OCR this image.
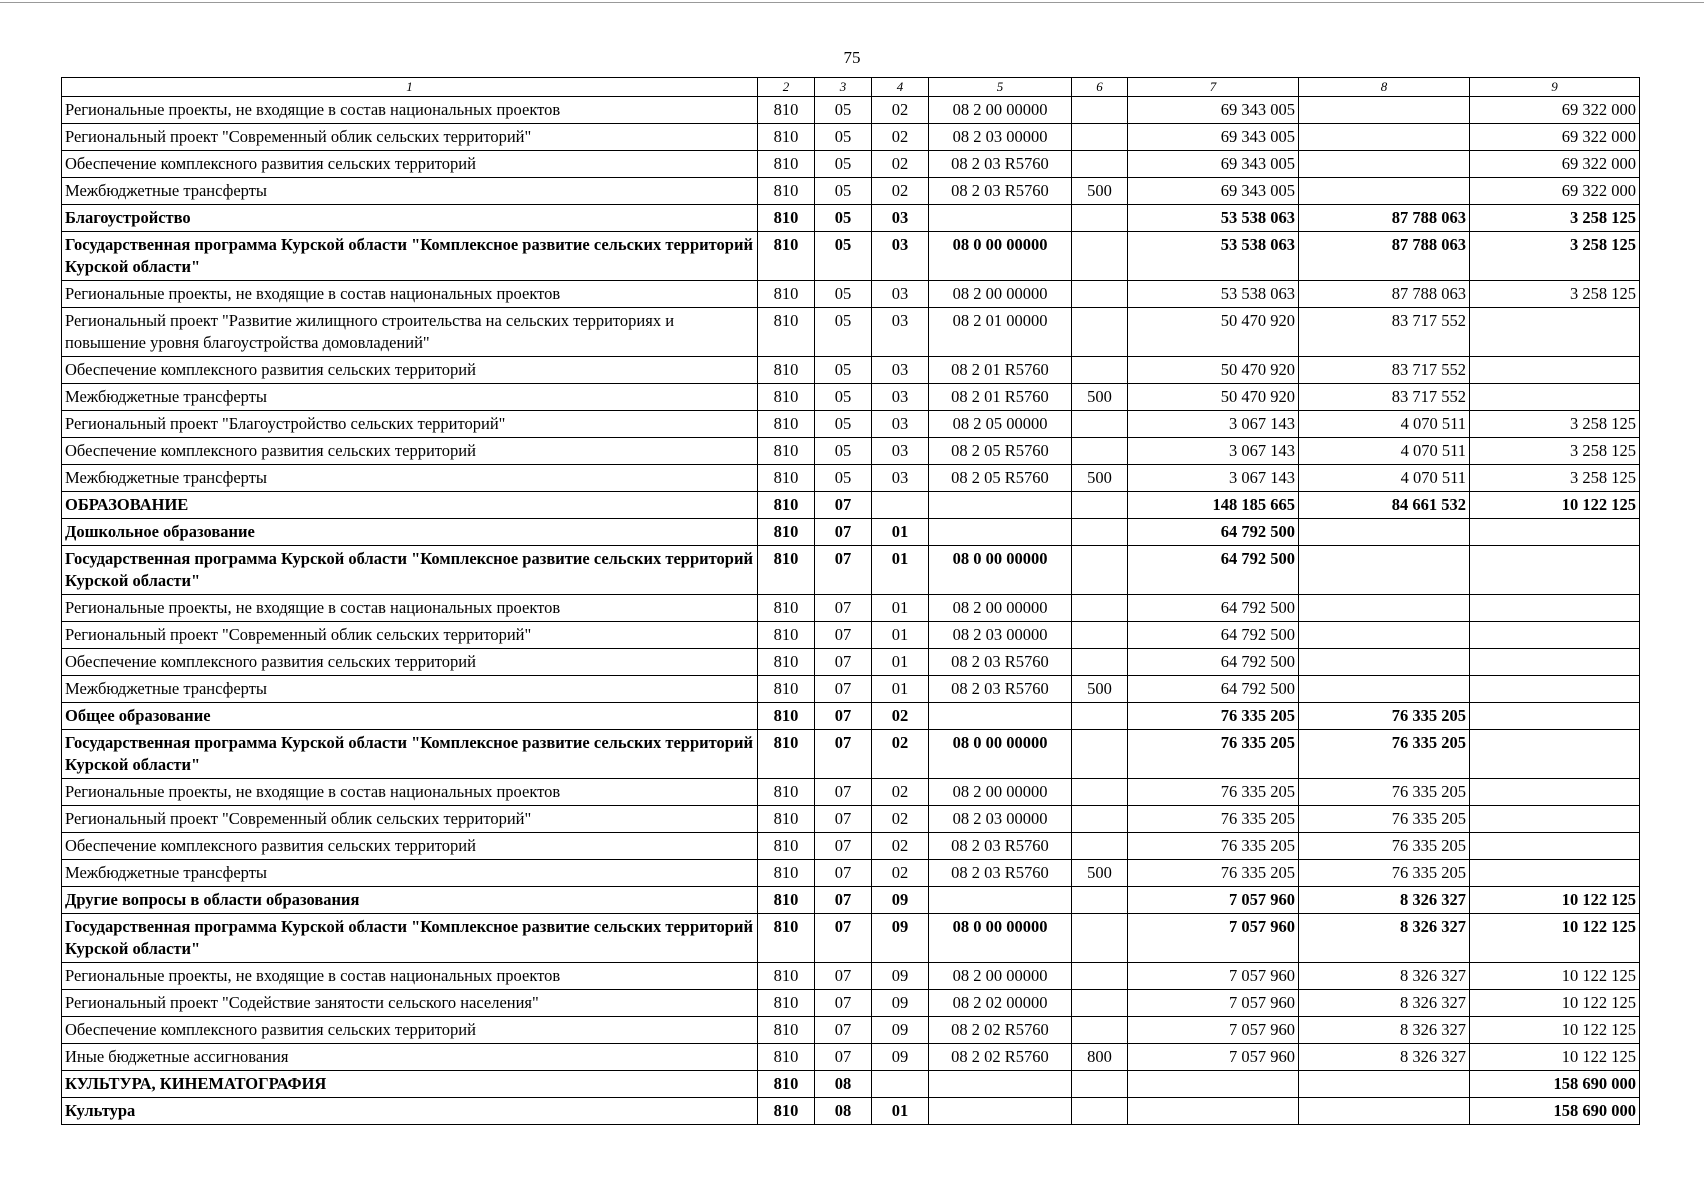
75
1	2	3	4	5	6	7	8	9
Региональные проекты, не входящие в состав национальных проектов	810	05	02	08 2 00 00000		69 343 005		69 322 000
Региональный проект "Современный облик сельских территорий"	810	05	02	08 2 03 00000		69 343 005		69 322 000
Обеспечение комплексного развития сельских территорий	810	05	02	08 2 03 R5760		69 343 005		69 322 000
Межбюджетные трансферты	810	05	02	08 2 03 R5760	500	69 343 005		69 322 000
Благоустройство	810	05	03			53 538 063	87 788 063	3 258 125
Государственная программа Курской области "Комплексное развитие сельских территорий Курской области"	810	05	03	08 0 00 00000		53 538 063	87 788 063	3 258 125
Региональные проекты, не входящие в состав национальных проектов	810	05	03	08 2 00 00000		53 538 063	87 788 063	3 258 125
Региональный проект "Развитие жилищного строительства на сельских территориях и повышение уровня благоустройства домовладений"	810	05	03	08 2 01 00000		50 470 920	83 717 552	
Обеспечение комплексного развития сельских территорий	810	05	03	08 2 01 R5760		50 470 920	83 717 552	
Межбюджетные трансферты	810	05	03	08 2 01 R5760	500	50 470 920	83 717 552	
Региональный проект "Благоустройство сельских территорий"	810	05	03	08 2 05 00000		3 067 143	4 070 511	3 258 125
Обеспечение комплексного развития сельских территорий	810	05	03	08 2 05 R5760		3 067 143	4 070 511	3 258 125
Межбюджетные трансферты	810	05	03	08 2 05 R5760	500	3 067 143	4 070 511	3 258 125
ОБРАЗОВАНИЕ	810	07				148 185 665	84 661 532	10 122 125
Дошкольное образование	810	07	01			64 792 500		
Государственная программа Курской области "Комплексное развитие сельских территорий Курской области"	810	07	01	08 0 00 00000		64 792 500		
Региональные проекты, не входящие в состав национальных проектов	810	07	01	08 2 00 00000		64 792 500		
Региональный проект "Современный облик сельских территорий"	810	07	01	08 2 03 00000		64 792 500		
Обеспечение комплексного развития сельских территорий	810	07	01	08 2 03 R5760		64 792 500		
Межбюджетные трансферты	810	07	01	08 2 03 R5760	500	64 792 500		
Общее образование	810	07	02			76 335 205	76 335 205	
Государственная программа Курской области "Комплексное развитие сельских территорий Курской области"	810	07	02	08 0 00 00000		76 335 205	76 335 205	
Региональные проекты, не входящие в состав национальных проектов	810	07	02	08 2 00 00000		76 335 205	76 335 205	
Региональный проект "Современный облик сельских территорий"	810	07	02	08 2 03 00000		76 335 205	76 335 205	
Обеспечение комплексного развития сельских территорий	810	07	02	08 2 03 R5760		76 335 205	76 335 205	
Межбюджетные трансферты	810	07	02	08 2 03 R5760	500	76 335 205	76 335 205	
Другие вопросы в области образования	810	07	09			7 057 960	8 326 327	10 122 125
Государственная программа Курской области "Комплексное развитие сельских территорий Курской области"	810	07	09	08 0 00 00000		7 057 960	8 326 327	10 122 125
Региональные проекты, не входящие в состав национальных проектов	810	07	09	08 2 00 00000		7 057 960	8 326 327	10 122 125
Региональный проект "Содействие занятости сельского населения"	810	07	09	08 2 02 00000		7 057 960	8 326 327	10 122 125
Обеспечение комплексного развития сельских территорий	810	07	09	08 2 02 R5760		7 057 960	8 326 327	10 122 125
Иные бюджетные ассигнования	810	07	09	08 2 02 R5760	800	7 057 960	8 326 327	10 122 125
КУЛЬТУРА, КИНЕМАТОГРАФИЯ	810	08						158 690 000
Культура	810	08	01					158 690 000
